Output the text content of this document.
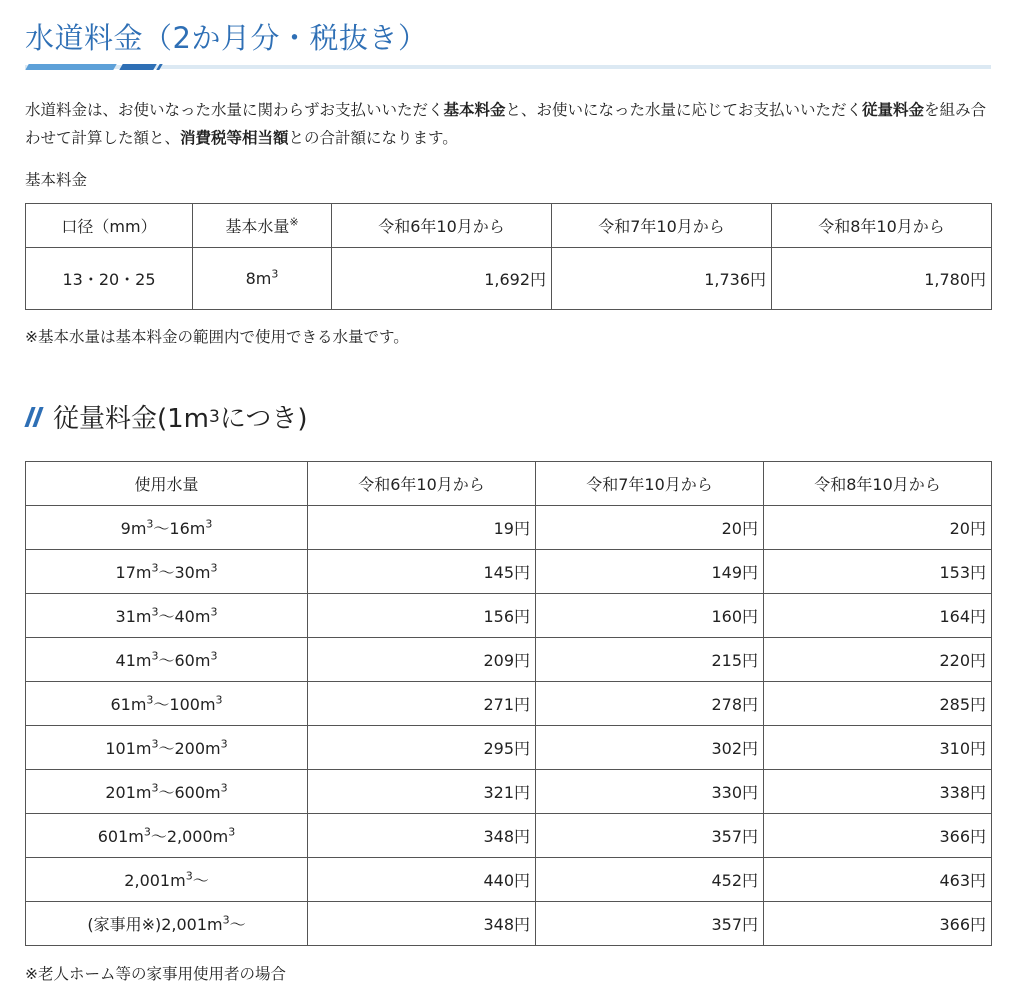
水道料金（2か月分・税抜き）

水道料金は、お使いなった水量に関わらずお支払いいただく基本料金と、お使いになった水量に応じてお支払いいただく従量料金を組み合わせて計算した額と、消費税等相当額との合計額になります。

基本料金

口径（mm）	基本水量※	令和6年10月から	令和7年10月から	令和8年10月から
13・20・25	$8m^3$	1,692円	1,736円	1,780円

※基本水量は基本料金の範囲内で使用できる水量です。

従量料金(1m 3 につき)
使用水量	令和6年10月から	令和7年10月から	令和8年10月から
$9m^3$〜$16m^3$	19円	20円	20円
$17m^3$〜$30m^3$	145円	149円	153円
$31m^3$〜$40m^3$	156円	160円	164円
$41m^3$〜$60m^3$	209円	215円	220円
$61m^3$〜$100m^3$	271円	278円	285円
$101m^3$〜$200m^3$	295円	302円	310円
$201m^3$〜$600m^3$	321円	330円	338円
$601m^3$〜$2,000m^3$	348円	357円	366円
$2,001m^3$〜	440円	452円	463円
(家事用$※)2,001m^3$〜	348円	357円	366円

※老人ホーム等の家事用使用者の場合
